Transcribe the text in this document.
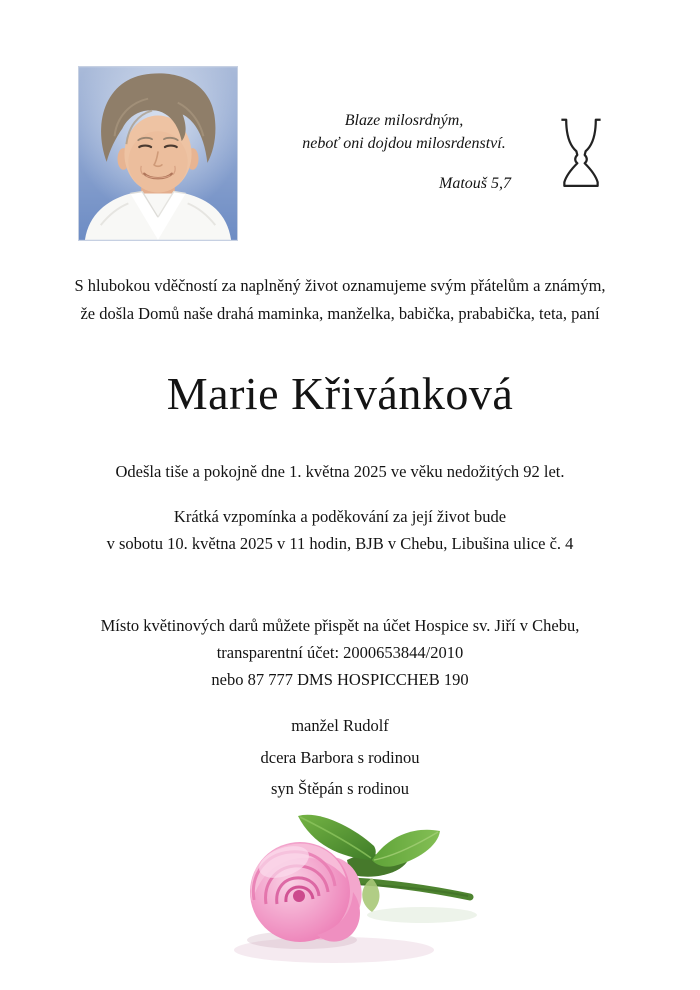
Blaze milosrdným,
neboť oni dojdou milosrdenství.
Matouš 5,7
S hlubokou vděčností za naplněný život oznamujeme svým přátelům a známým,
že došla Domů naše drahá maminka, manželka, babička, prababička, teta, paní
Marie Křivánková
Odešla tiše a pokojně dne 1. května 2025 ve věku nedožitých 92 let.
Krátká vzpomínka a poděkování za její život bude
v sobotu 10. května 2025 v 11 hodin, BJB v Chebu, Libušina ulice č. 4
Místo květinových darů můžete přispět na účet Hospice sv. Jiří v Chebu,
transparentní účet: 2000653844/2010
nebo 87 777 DMS HOSPICCHEB 190
manžel Rudolf
dcera Barbora s rodinou
syn Štěpán s rodinou
